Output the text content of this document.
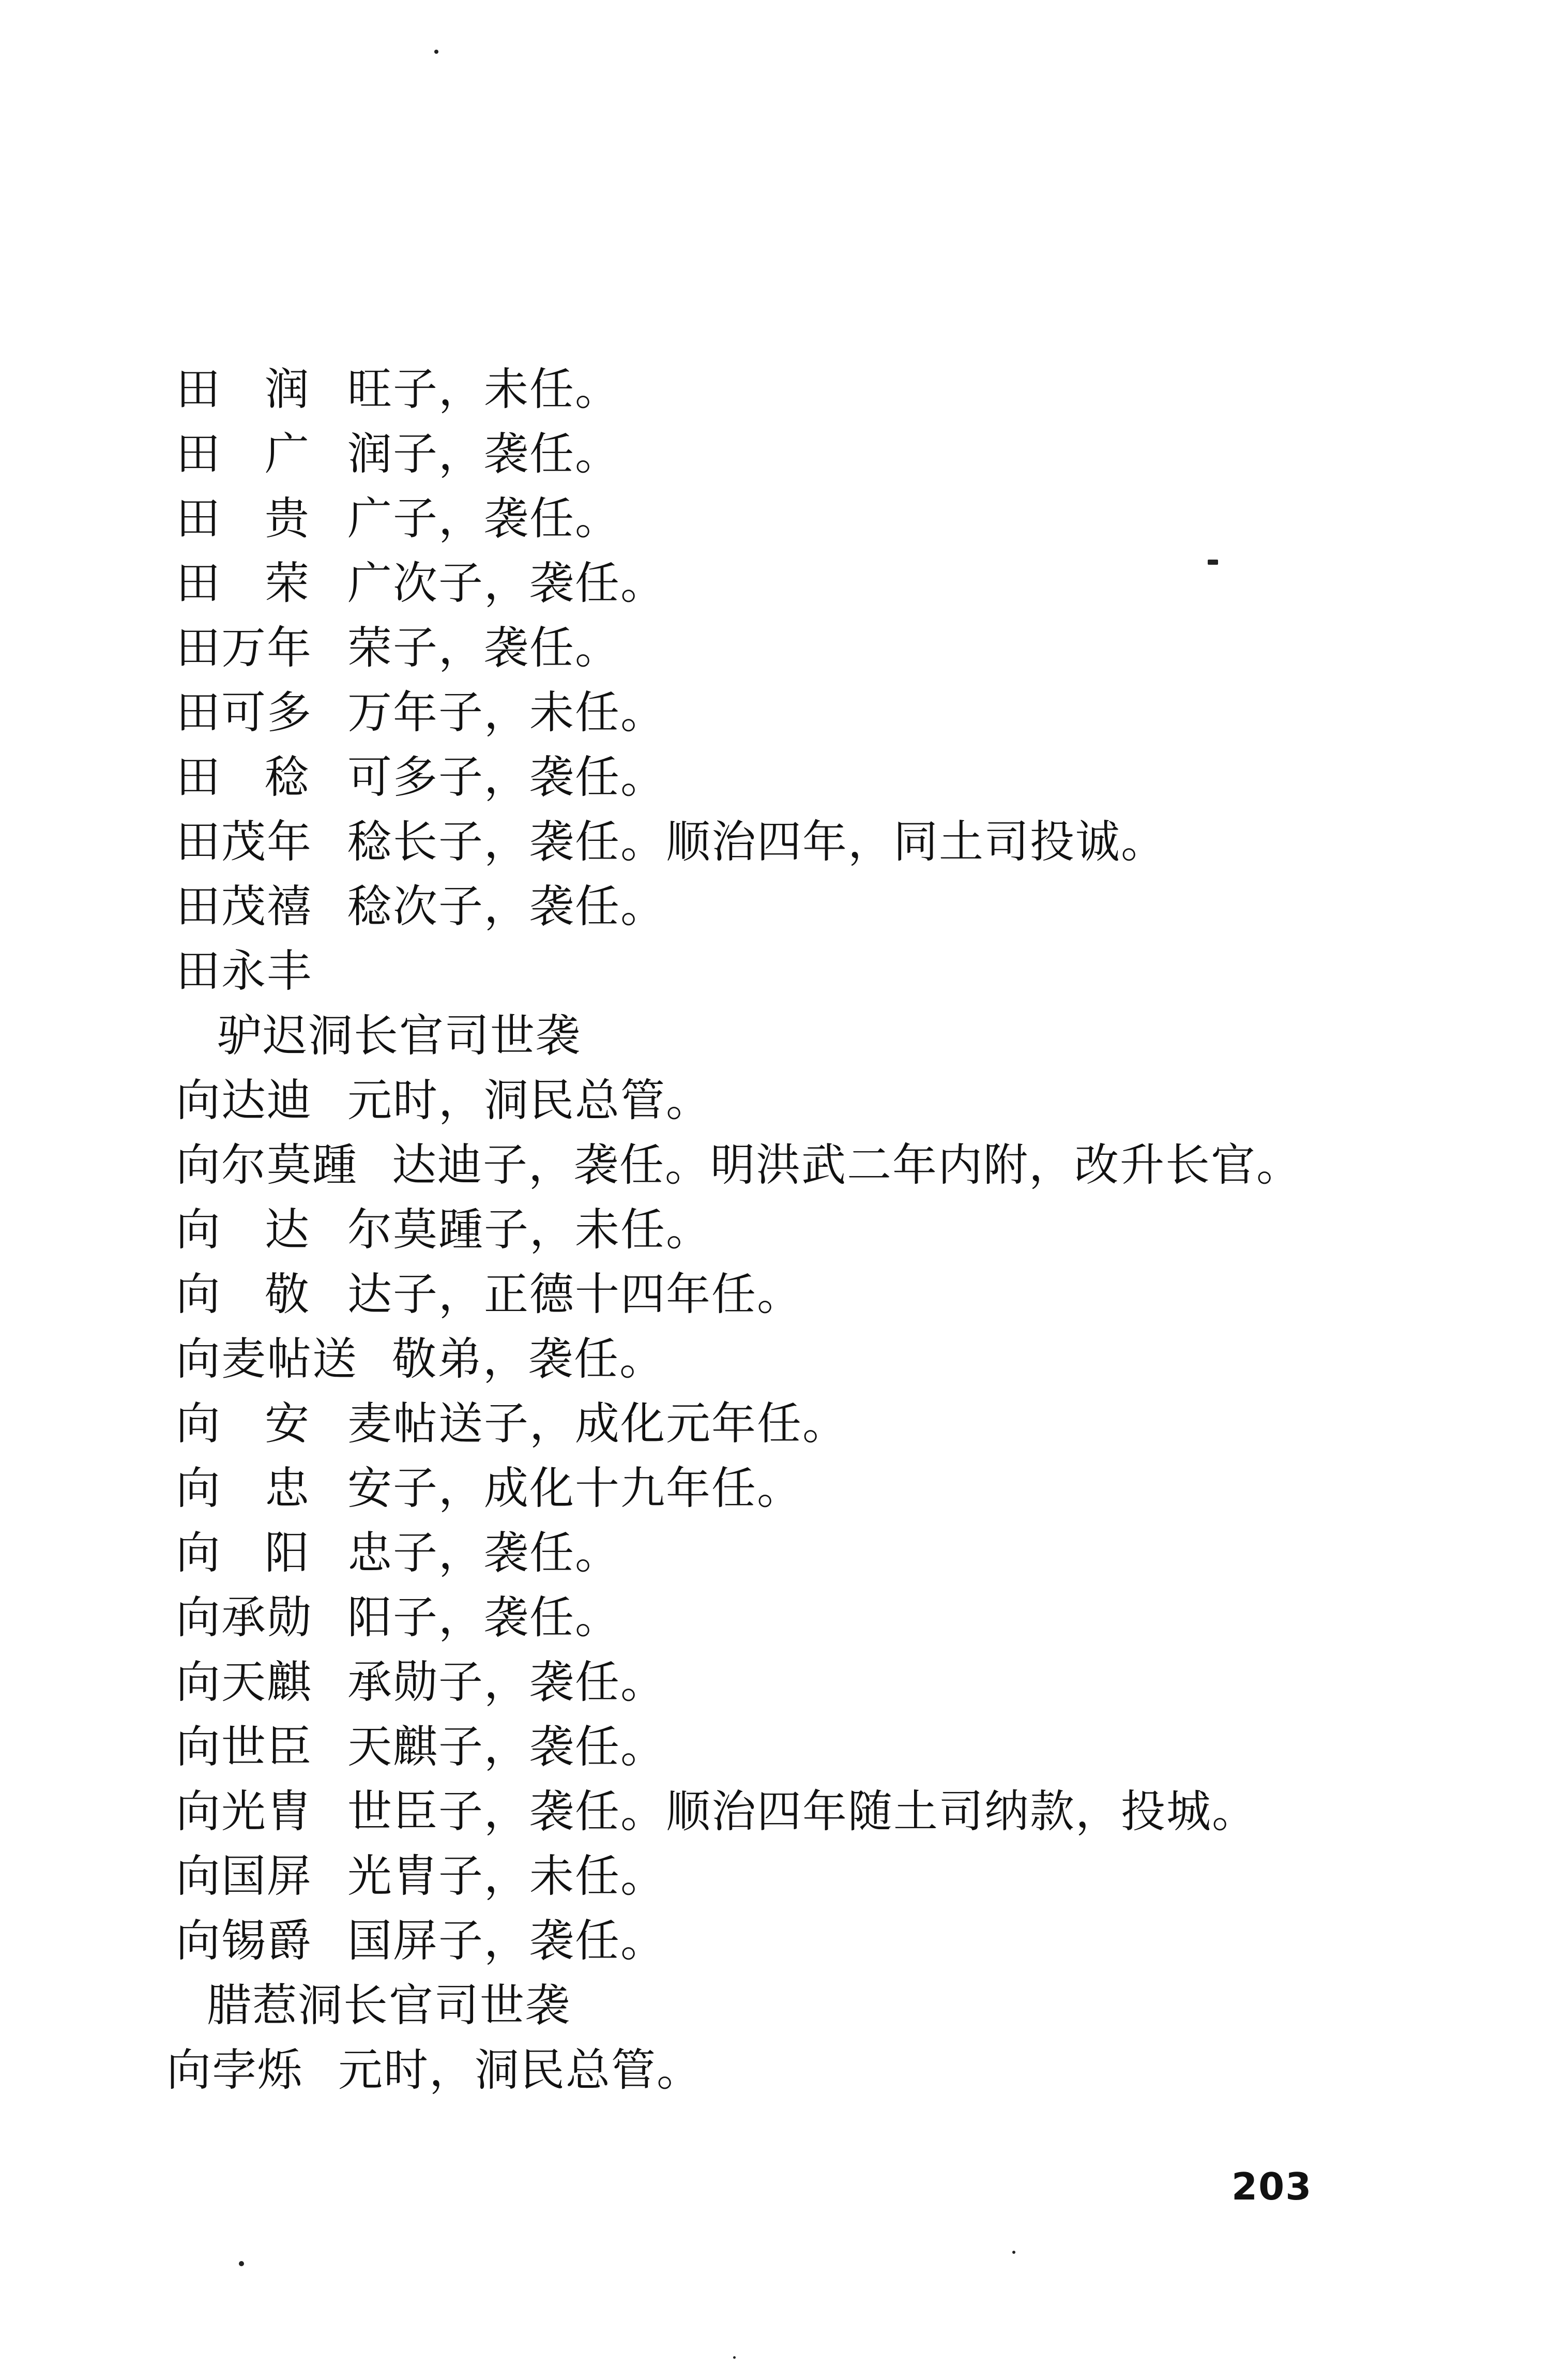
田 润 旺子，未任。
田 广 润子，袭任。
田 贵 广子，袭任。
田 荣 广次子，袭任。
田万年 荣子，袭任。
田可多 万年子，未任。
田 稔 可多子，袭任。
田茂年 稔长子，袭任。顺治四年，同土司投诚。
田茂禧 稔次子，袭任。
田永丰
驴迟洞长官司世袭
向达迪 元时，洞民总管。
向尔莫踵 达迪子，袭任。明洪武二年内附，改升长官。
向 达 尔莫踵子，未任。
向 敬 达子，正德十四年任。
向麦帖送 敬弟，袭任。
向 安 麦帖送子，成化元年任。
向 忠 安子，成化十九年任。
向 阳 忠子，袭任。
向承勋 阳子，袭任。
向天麒 承勋子，袭任。
向世臣 天麒子，袭任。
向光胄 世臣子，袭任。顺治四年随土司纳款，投城。
向国屏 光胄子，未任。
向锡爵 国屏子，袭任。
腊惹洞长官司世袭
向孛烁 元时，洞民总管。
203
